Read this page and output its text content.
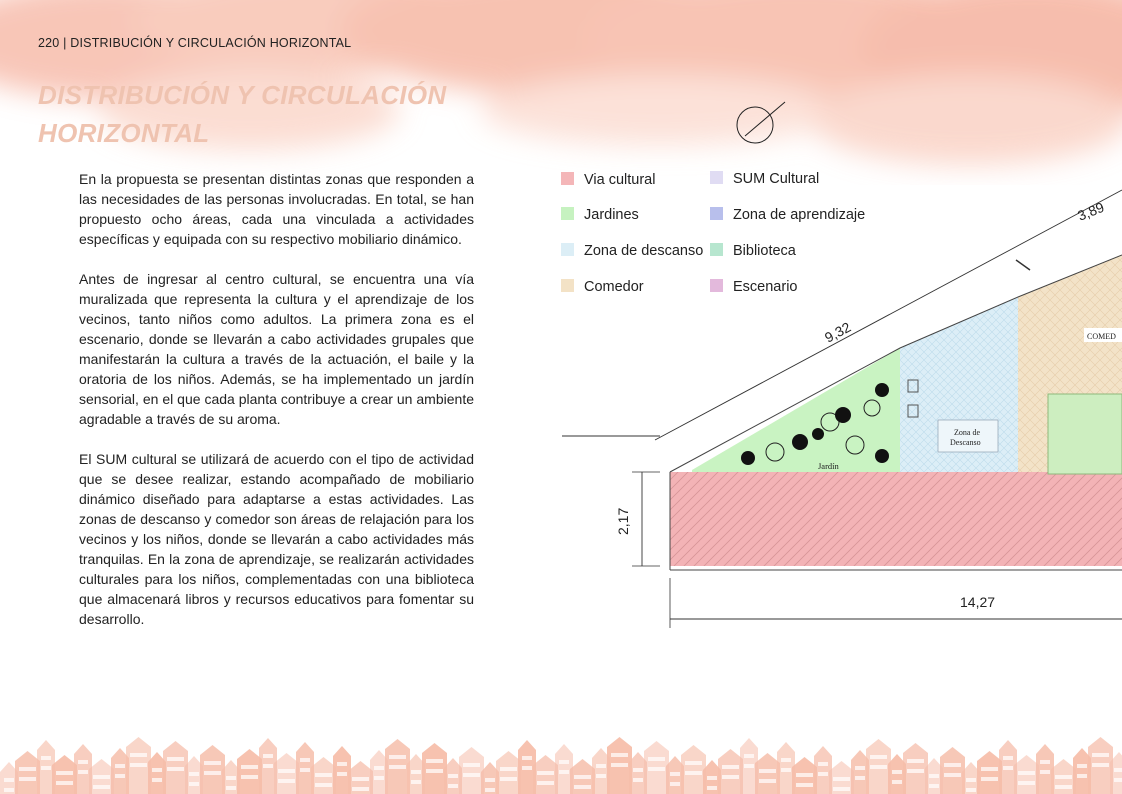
220 | DISTRIBUCIÓN Y CIRCULACIÓN HORIZONTAL
DISTRIBUCIÓN Y CIRCULACIÓN
HORIZONTAL

En la propuesta se presentan distintas zonas que responden a las necesidades de las personas involucradas. En total, se han propuesto ocho áreas, cada una vinculada a actividades específicas y equipada con su respectivo mobiliario dinámico.

Antes de ingresar al centro cultural, se encuentra una vía muralizada que representa la cultura y el aprendizaje de los vecinos, tanto niños como adultos. La primera zona es el escenario, donde se llevarán a cabo actividades grupales que manifestarán la cultura a través de la actuación, el baile y la oratoria de los niños. Además, se ha implementado un jardín sensorial, en el que cada planta contribuye a crear un ambiente agradable a través de su aroma.

El SUM cultural se utilizará de acuerdo con el tipo de actividad que se desee realizar, estando acompañado de mobiliario dinámico diseñado para adaptarse a estas actividades. Las zonas de descanso y comedor son áreas de relajación para los vecinos y los niños, donde se llevarán a cabo actividades más tranquilas. En la zona de aprendizaje, se realizarán actividades culturales para los niños, complementadas con una biblioteca que almacenará libros y recursos educativos para fomentar su desarrollo.

9,32
3,89
2,17
14,27
Jardín
Zona de
Descanso
COMED
Via cultural
Jardines
Zona de descanso
Comedor
SUM Cultural
Zona de aprendizaje
Biblioteca
Escenario
